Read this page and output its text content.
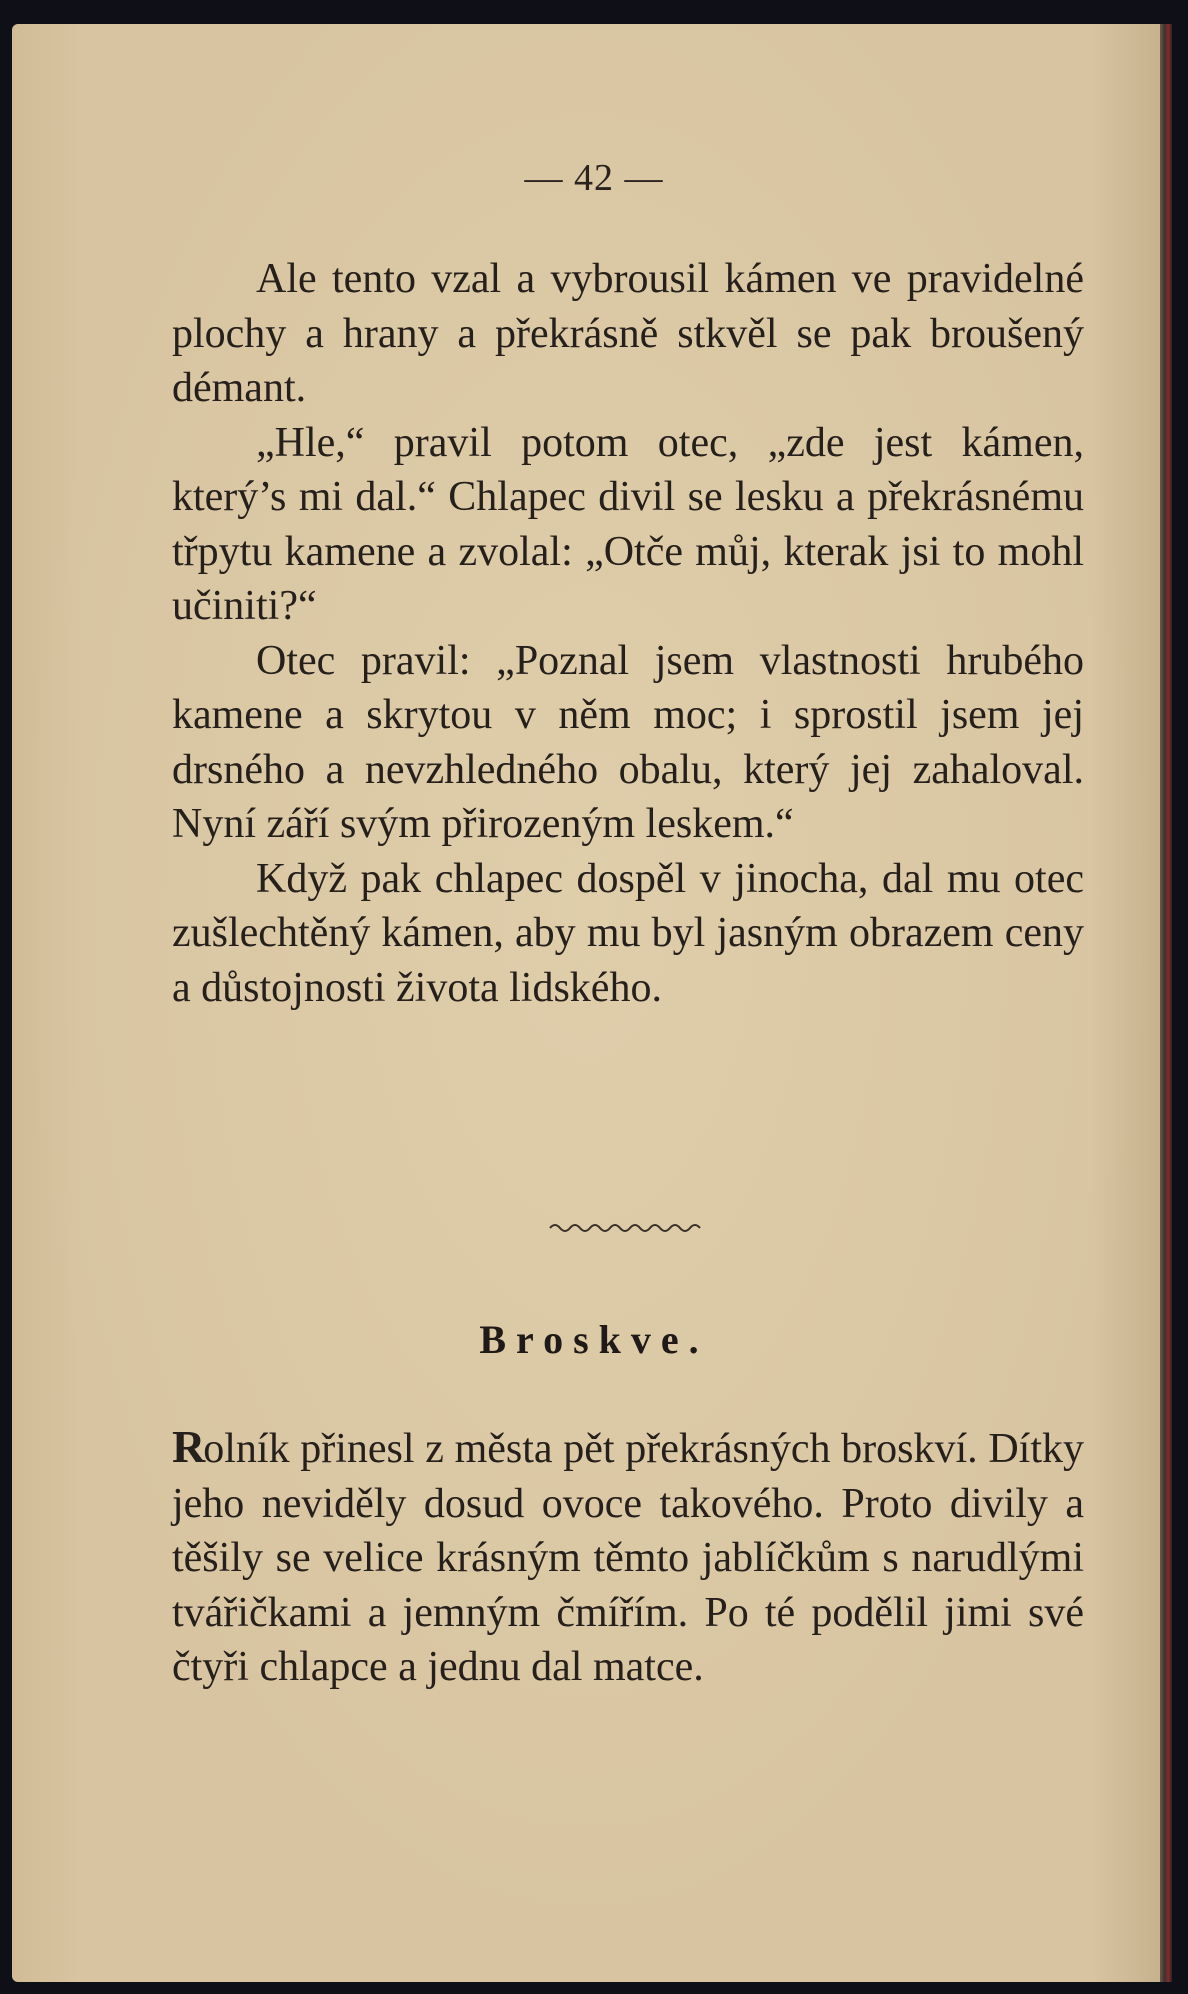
— 42 —

Ale tento vzal a vybrousil kámen ve pravidelné plochy a hrany a překrásně stkvěl se pak broušený démant.

„Hle,“ pravil potom otec, „zde jest kámen, který’s mi dal.“ Chlapec divil se lesku a překrásnému třpytu kamene a zvolal: „Otče můj, kterak jsi to mohl učiniti?“

Otec pravil: „Poznal jsem vlastnosti hrubého kamene a skrytou v něm moc; i sprostil jsem jej drsného a nevzhledného obalu, který jej zahaloval. Nyní září svým přirozeným leskem.“

Když pak chlapec dospěl v jinocha, dal mu otec zušlechtěný kámen, aby mu byl jasným obrazem ceny a důstojnosti života lidského.

Broskve.

Rolník přinesl z města pět překrásných broskví. Dítky jeho neviděly dosud ovoce takového. Proto divily a těšily se velice krásným těmto jablíčkům s narudlými tvářičkami a jemným čmířím. Po té podělil jimi své čtyři chlapce a jednu dal matce.
